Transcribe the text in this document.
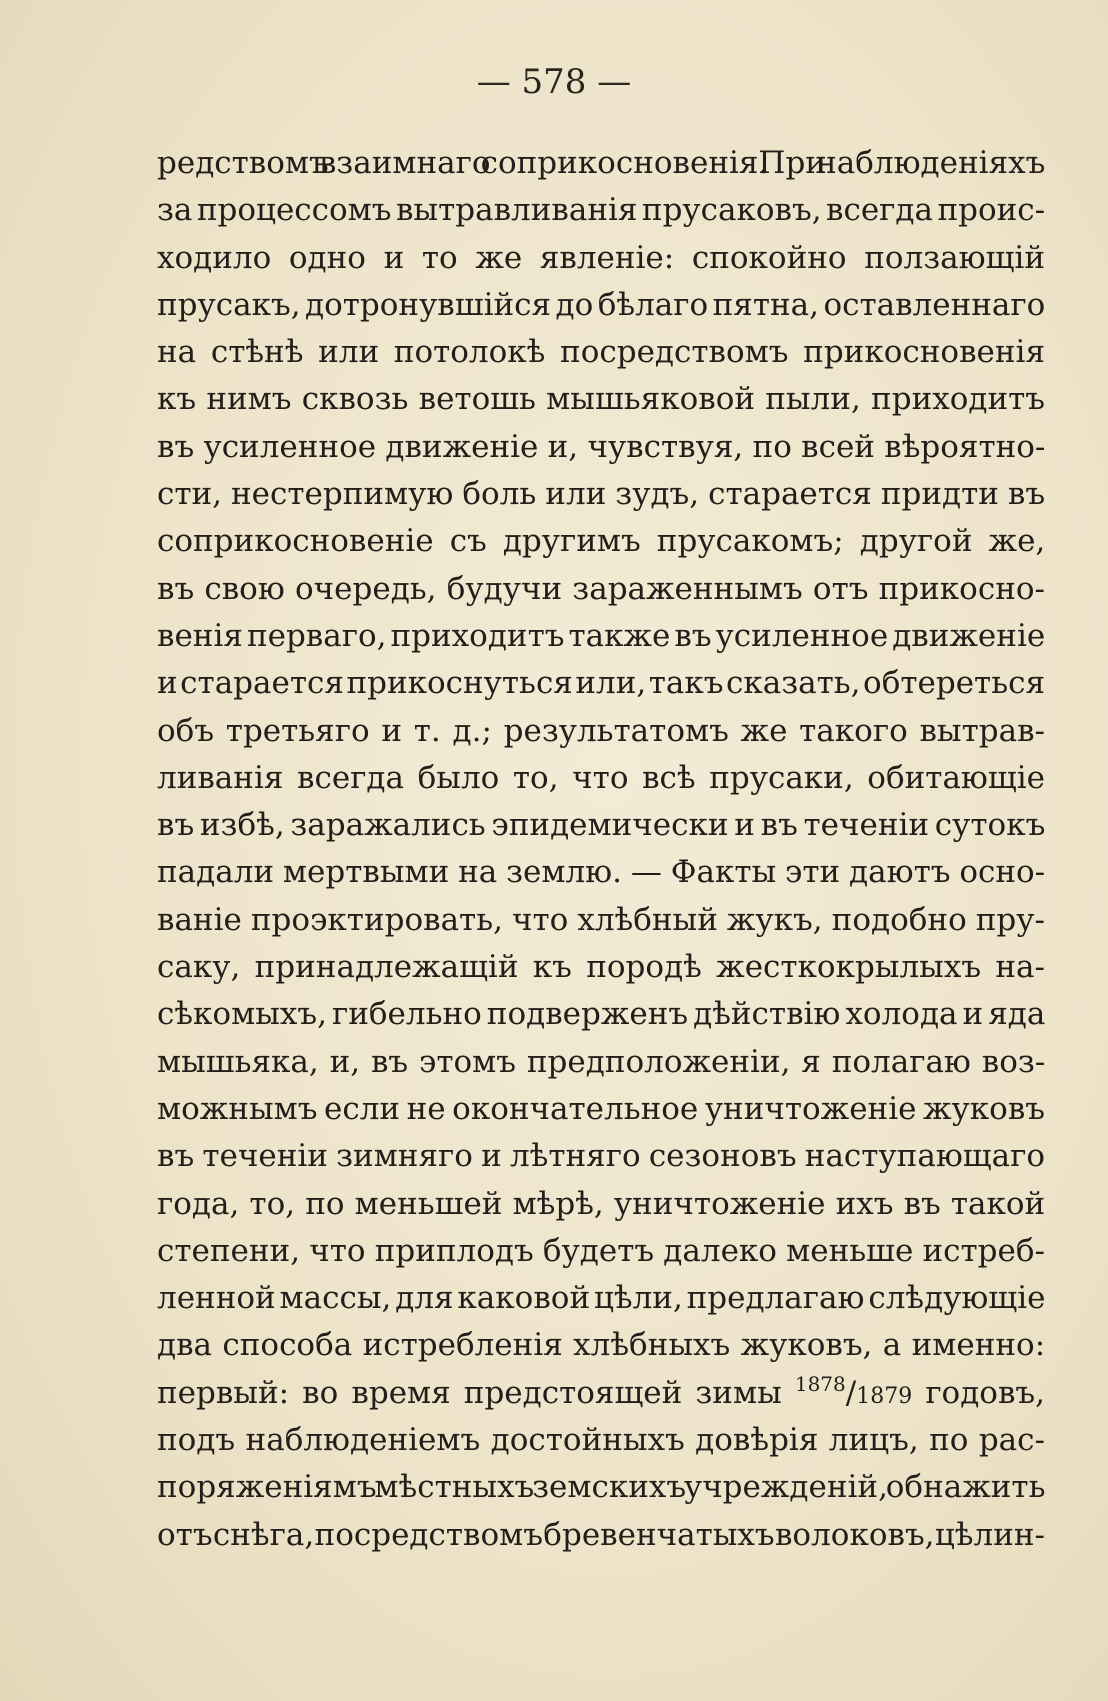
— 578 —
редствомъ взаимнаго соприкосновенія. При наблюденіяхъ
за процессомъ вытравливанія прусаковъ, всегда проис-
ходило одно и то же явленіе: спокойно ползающій
прусакъ, дотронувшійся до бѣлаго пятна, оставленнаго
на стѣнѣ или потолокѣ посредствомъ прикосновенія
къ нимъ сквозь ветошь мышьяковой пыли, приходитъ
въ усиленное движеніе и, чувствуя, по всей вѣроятно-
сти, нестерпимую боль или зудъ, старается придти въ
соприкосновеніе съ другимъ прусакомъ; другой же,
въ свою очередь, будучи зараженнымъ отъ прикосно-
венія перваго, приходитъ также въ усиленное движеніе
и старается прикоснуться или, такъ сказать, обтереться
объ третьяго и т. д.; результатомъ же такого вытрав-
ливанія всегда было то, что всѣ прусаки, обитающіе
въ избѣ, заражались эпидемически и въ теченіи сутокъ
падали мертвыми на землю. — Факты эти даютъ осно-
ваніе проэктировать, что хлѣбный жукъ, подобно пру-
саку, принадлежащій къ породѣ жесткокрылыхъ на-
сѣкомыхъ, гибельно подверженъ дѣйствію холода и яда
мышьяка, и, въ этомъ предположеніи, я полагаю воз-
можнымъ если не окончательное уничтоженіе жуковъ
въ теченіи зимняго и лѣтняго сезоновъ наступающаго
года, то, по меньшей мѣрѣ, уничтоженіе ихъ въ такой
степени, что приплодъ будетъ далеко меньше истреб-
ленной массы, для каковой цѣли, предлагаю слѣдующіе
два способа истребленія хлѣбныхъ жуковъ, а именно:
первый: во время предстоящей зимы $^{1878}$/1879 годовъ,
подъ наблюденіемъ достойныхъ довѣрія лицъ, по рас-
поряженіямъ мѣстныхъ земскихъ учрежденій, обнажить
отъ снѣга, посредствомъ бревенчатыхъ волоковъ, цѣлин-
